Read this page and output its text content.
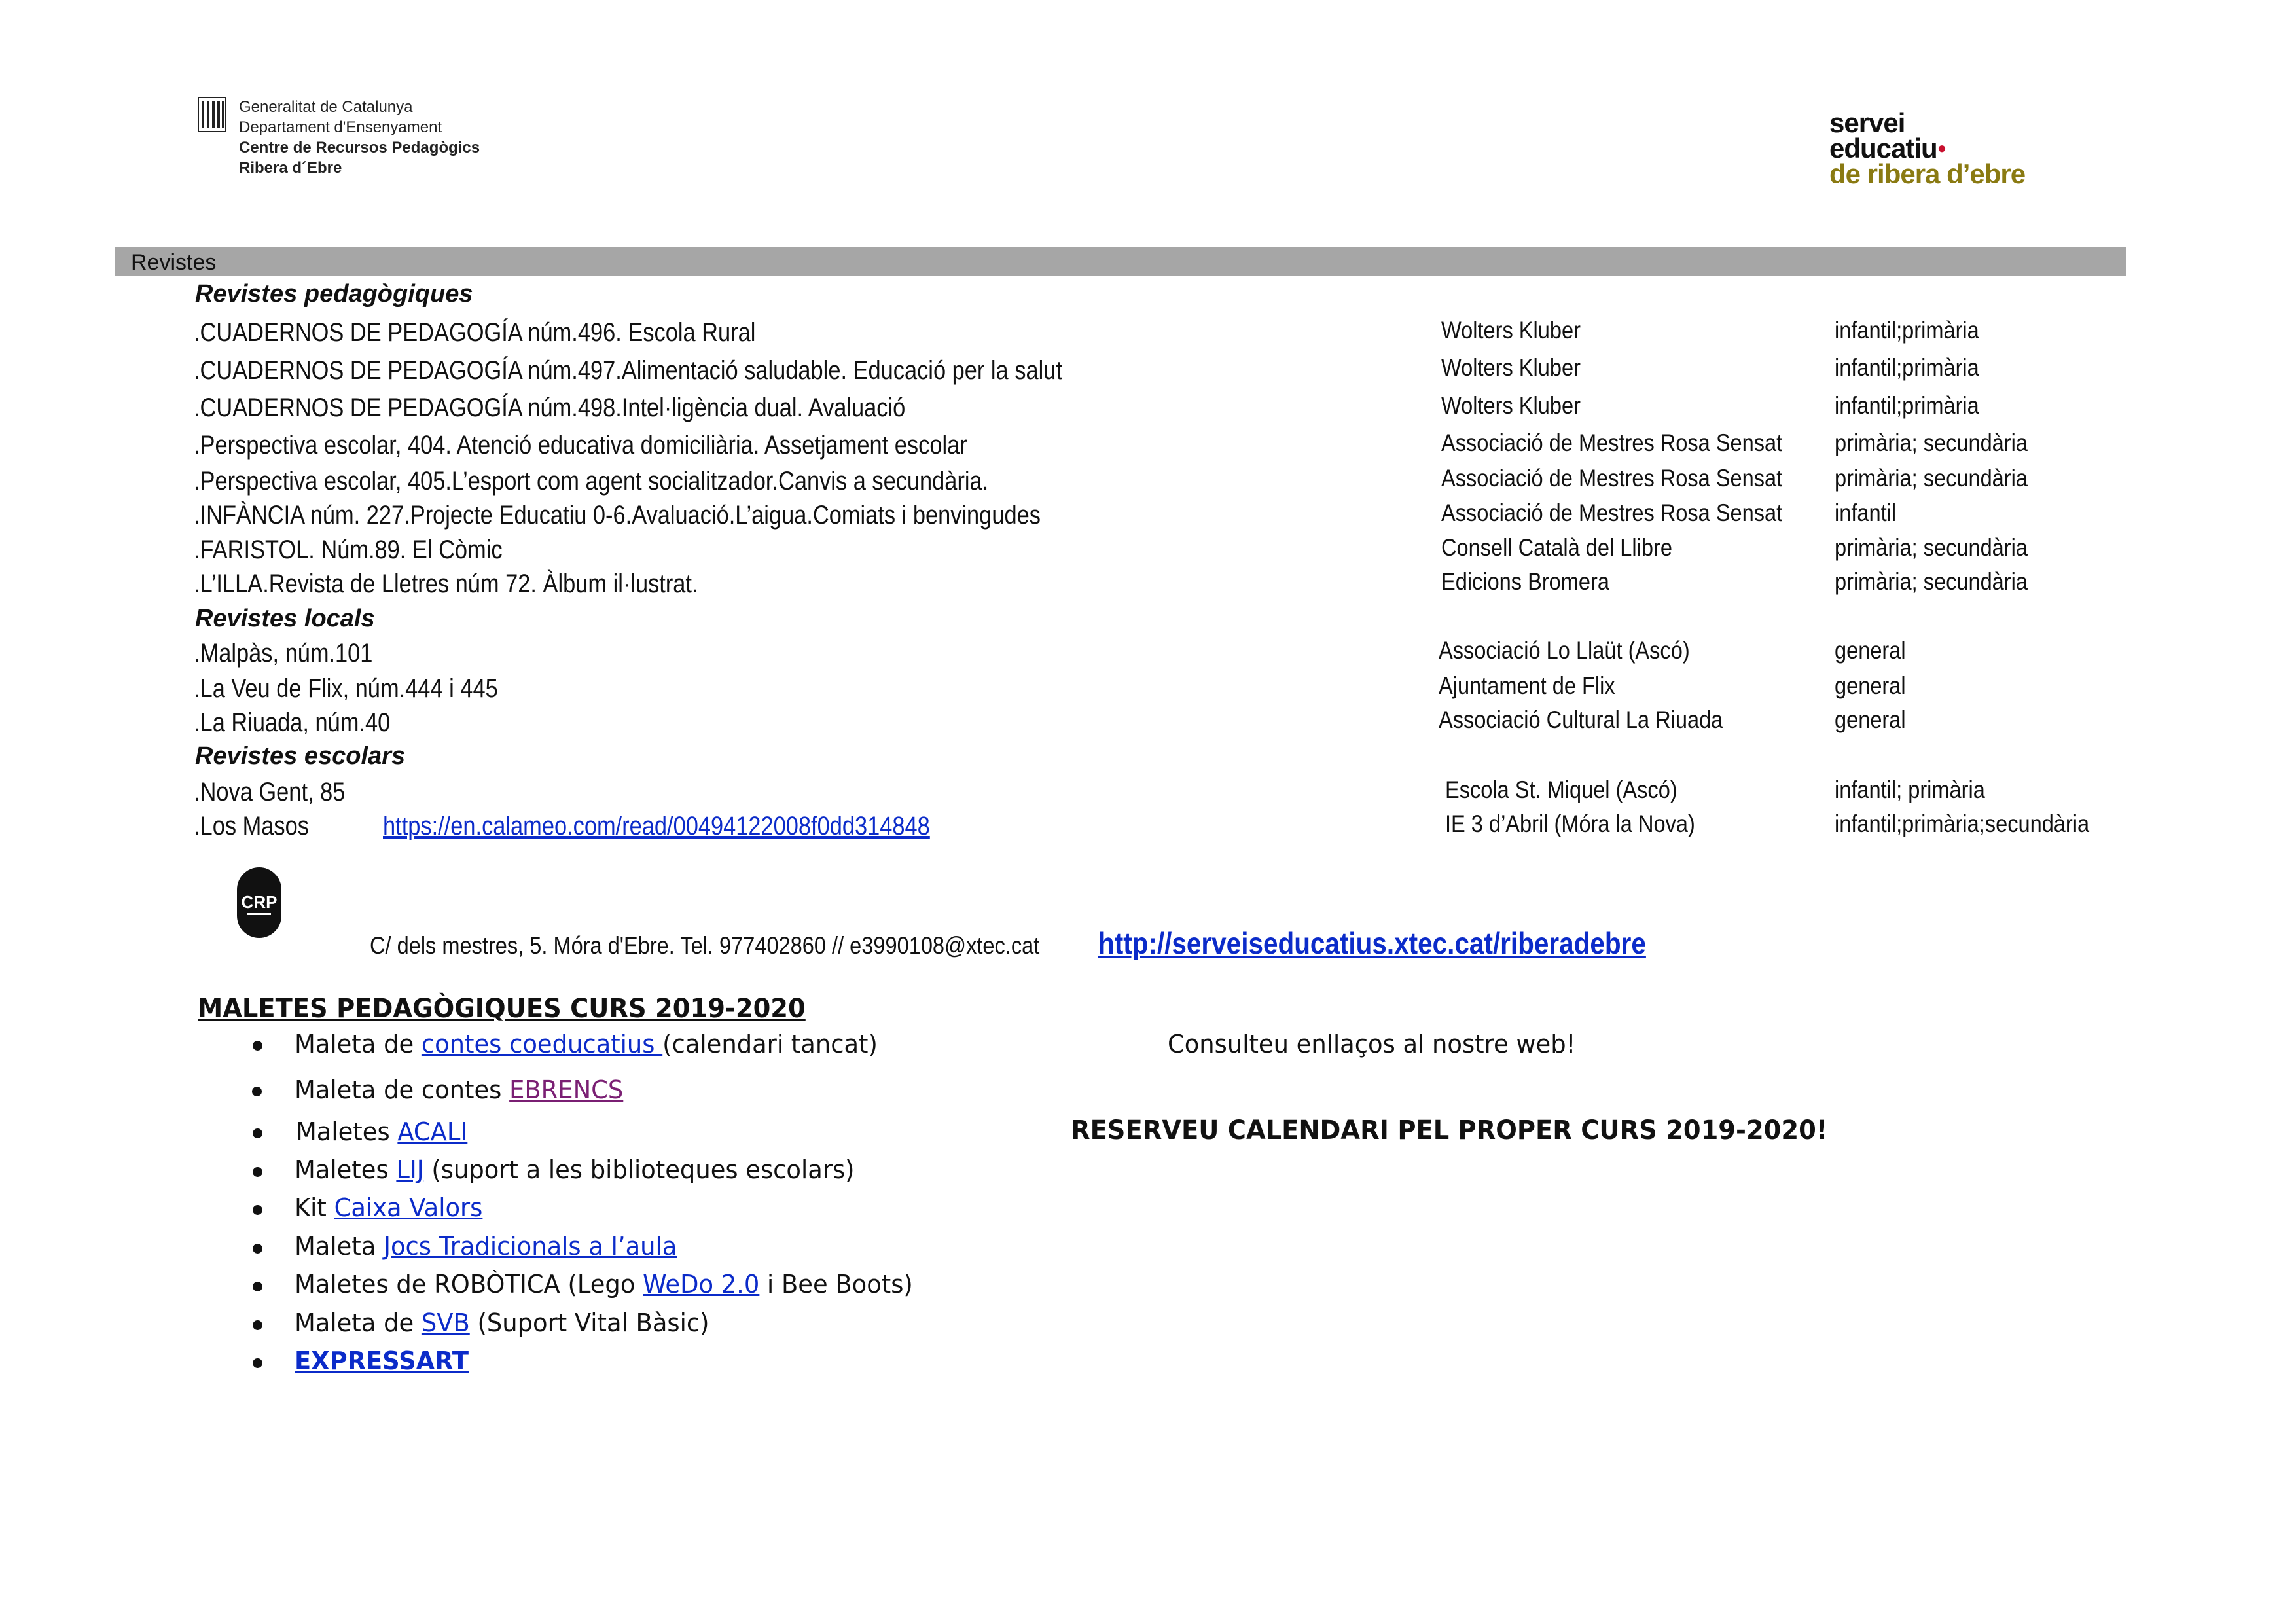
Generalitat de Catalunya
Departament d'Ensenyament
Centre de Recursos Pedagògics
Ribera d´Ebre
servei
educatiu●
de ribera d’ebre
Revistes
Revistes pedagògiques
Revistes locals
Revistes escolars
.CUADERNOS DE PEDAGOGÍA núm.496. Escola Rural
.CUADERNOS DE PEDAGOGÍA núm.497.Alimentació saludable. Educació per la salut
.CUADERNOS DE PEDAGOGÍA núm.498.Intel·ligència dual. Avaluació
.Perspectiva escolar, 404. Atenció educativa domiciliària. Assetjament escolar
.Perspectiva escolar, 405.L’esport com agent socialitzador.Canvis a secundària.
.INFÀNCIA núm. 227.Projecte Educatiu 0-6.Avaluació.L’aigua.Comiats i benvingudes
.FARISTOL. Núm.89. El Còmic
.L’ILLA.Revista de Lletres núm 72. Àlbum il·lustrat.
.Malpàs, núm.101
.La Veu de Flix, núm.444 i 445
.La Riuada, núm.40
.Nova Gent, 85
.Los Masos	https://en.calameo.com/read/00494122008f0dd314848
Wolters Kluber
Wolters Kluber
Wolters Kluber
Associació de Mestres Rosa Sensat
Associació de Mestres Rosa Sensat
Associació de Mestres Rosa Sensat
Consell Català del Llibre
Edicions Bromera
Associació Lo Llaüt (Ascó)
Ajuntament de Flix
Associació Cultural La Riuada
Escola St. Miquel (Ascó)
IE 3 d’Abril (Móra la Nova)
infantil;primària
infantil;primària
infantil;primària
primària; secundària
primària; secundària
infantil
primària; secundària
primària; secundària
general
general
general
infantil; primària
infantil;primària;secundària
CRP
C/ dels mestres, 5. Móra d'Ebre. Tel. 977402860 // e3990108@xtec.cat http://serveiseducatius.xtec.cat/riberadebre
MALETES PEDAGÒGIQUES CURS 2019-2020
Maleta de contes coeducatius (calendari tancat)
Maleta de contes EBRENCS
Maletes ACALI
Maletes LIJ (suport a les biblioteques escolars)
Kit Caixa Valors
Maleta Jocs Tradicionals a l’aula
Maletes de ROBÒTICA (Lego WeDo 2.0 i Bee Boots)
Maleta de SVB (Suport Vital Bàsic)
EXPRESSART
Consulteu enllaços al nostre web!
RESERVEU CALENDARI PEL PROPER CURS 2019-2020!
